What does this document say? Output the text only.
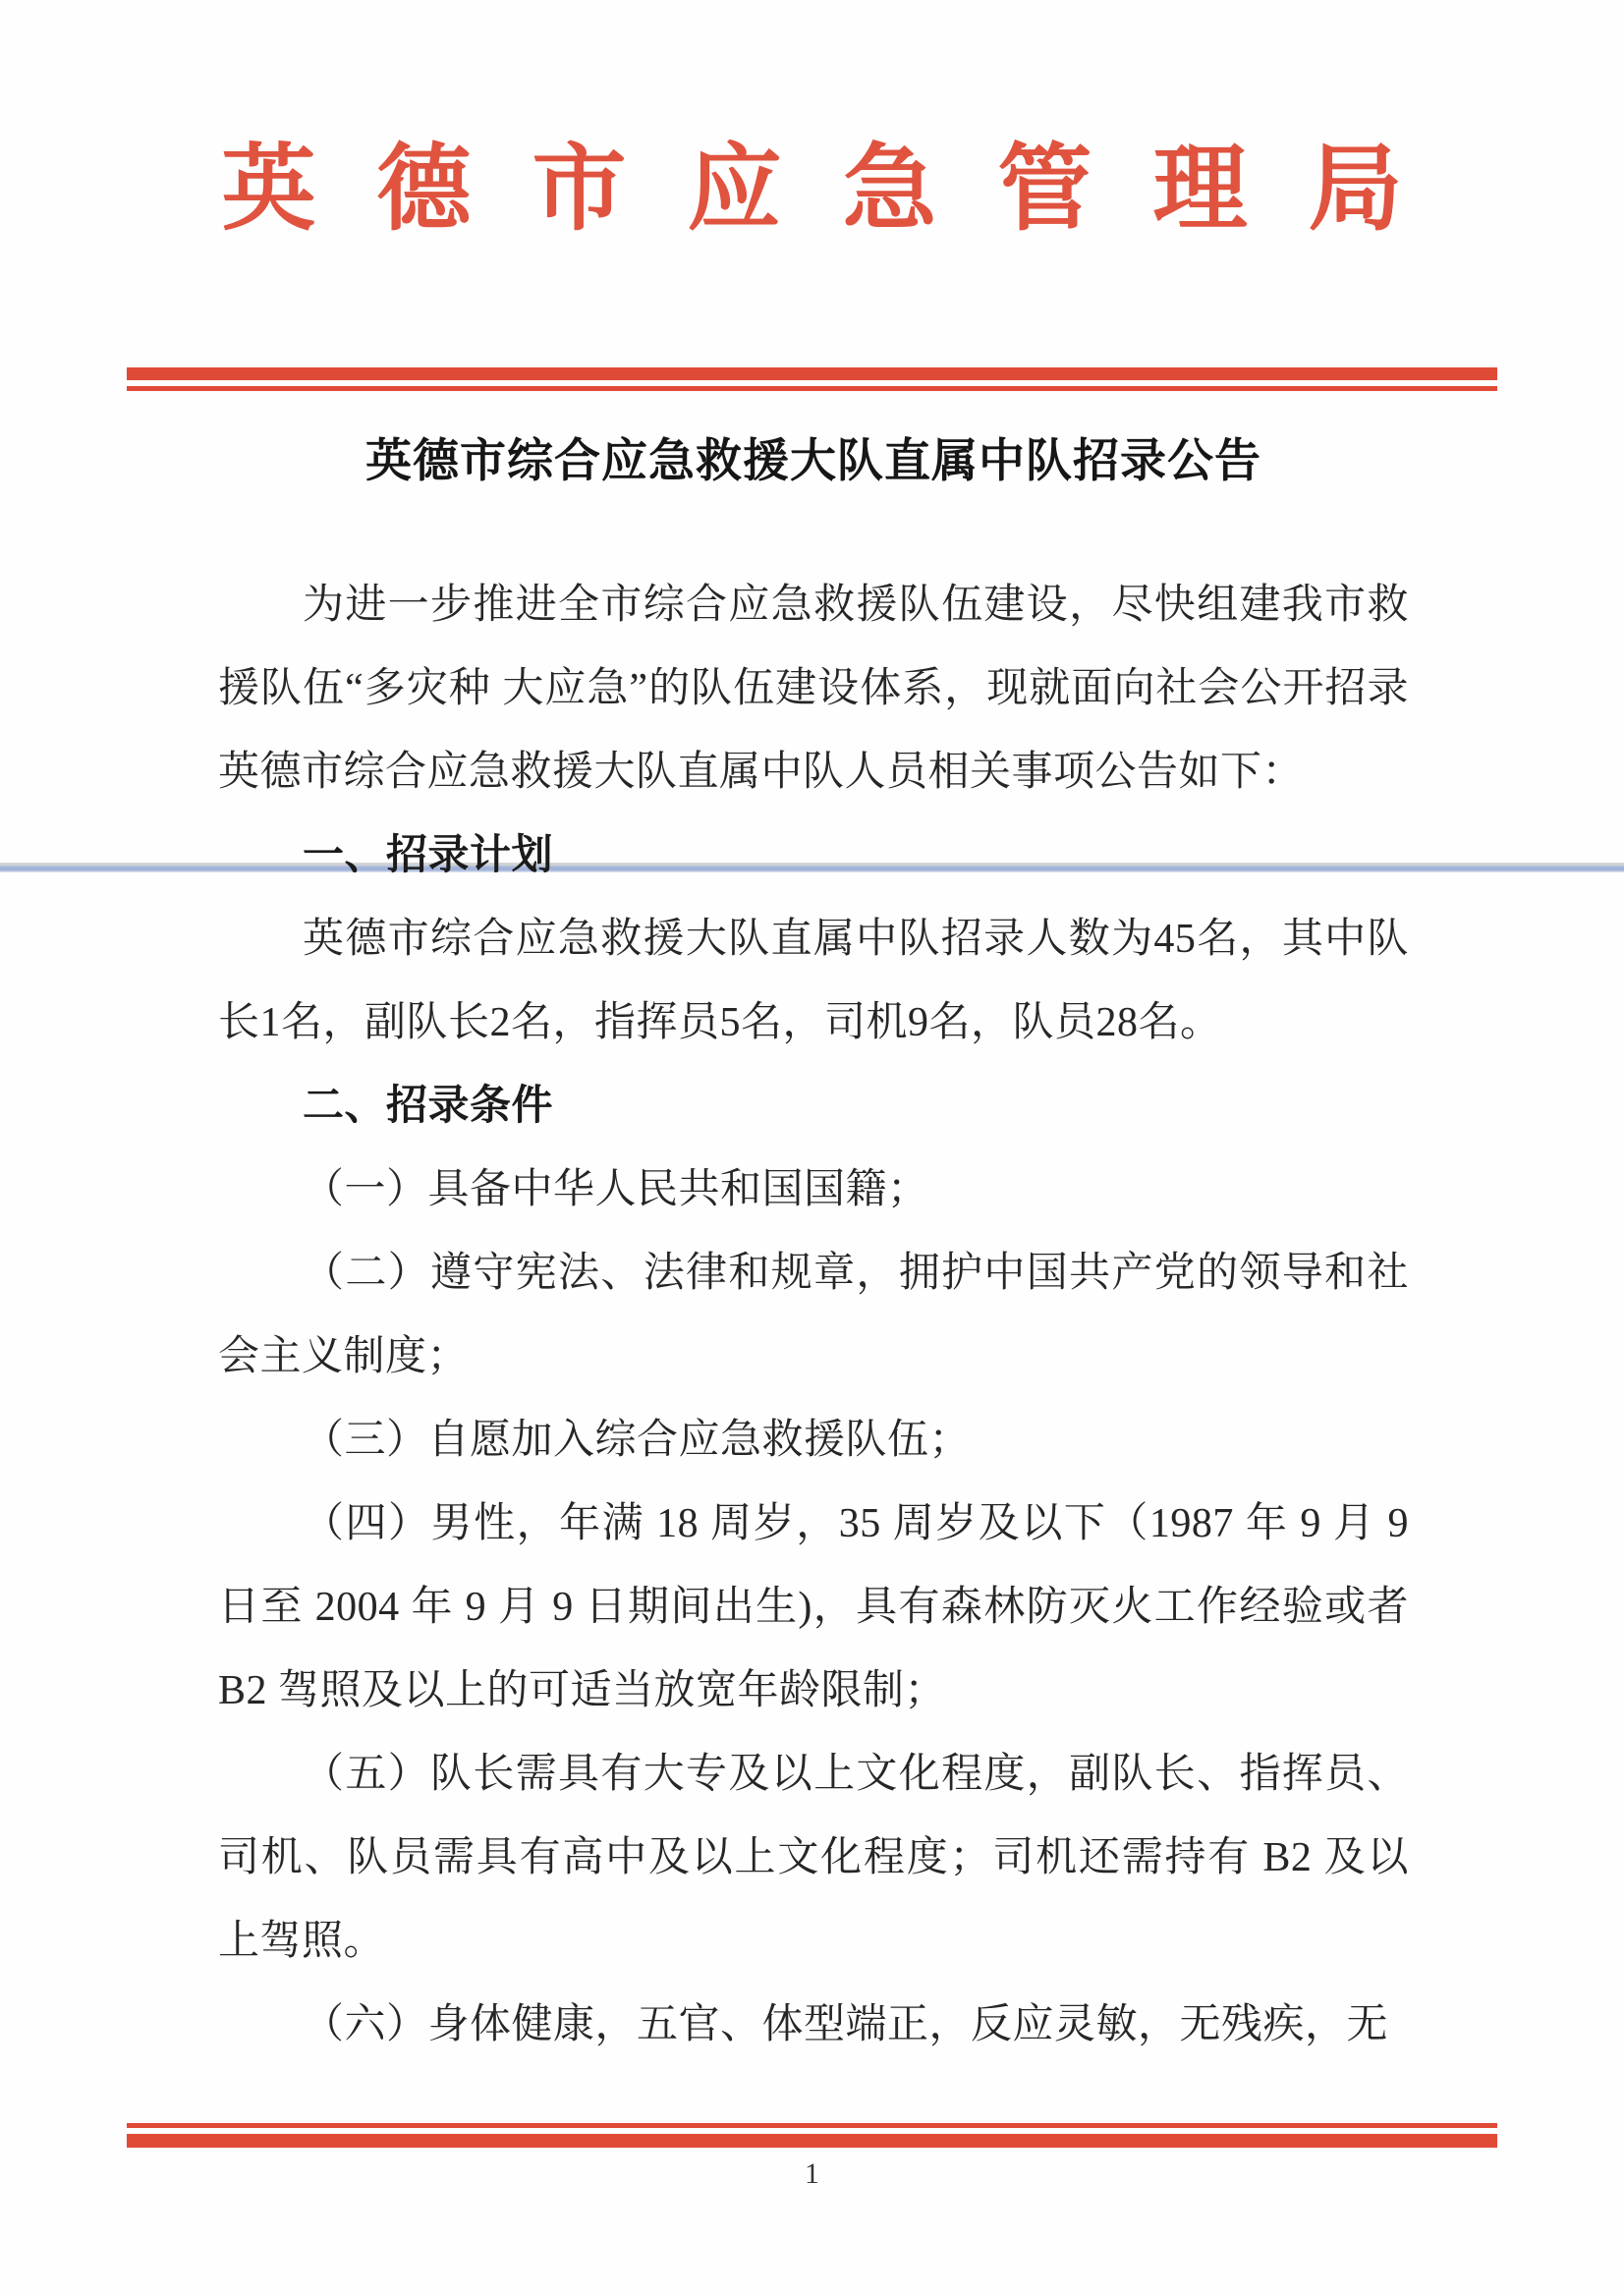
英德市应急管理局
英德市综合应急救援大队直属中队招录公告

为进一步推进全市综合应急救援队伍建设，尽快组建我市救援队伍“多灾种 大应急”的队伍建设体系，现就面向社会公开招录英德市综合应急救援大队直属中队人员相关事项公告如下：

一、招录计划

英德市综合应急救援大队直属中队招录人数为45名，其中队长1名，副队长2名，指挥员5名，司机9名，队员28名。

二、招录条件

（一）具备中华人民共和国国籍；

（二）遵守宪法、法律和规章，拥护中国共产党的领导和社会主义制度；

（三）自愿加入综合应急救援队伍；

（四）男性，年满 18 周岁，35 周岁及以下（1987 年 9 月 9 日至 2004 年 9 月 9 日期间出生)，具有森林防灭火工作经验或者 B2 驾照及以上的可适当放宽年龄限制；

（五）队长需具有大专及以上文化程度，副队长、指挥员、司机、队员需具有高中及以上文化程度；司机还需持有 B2 及以上驾照。

（六）身体健康，五官、体型端正，反应灵敏，无残疾，无

1
